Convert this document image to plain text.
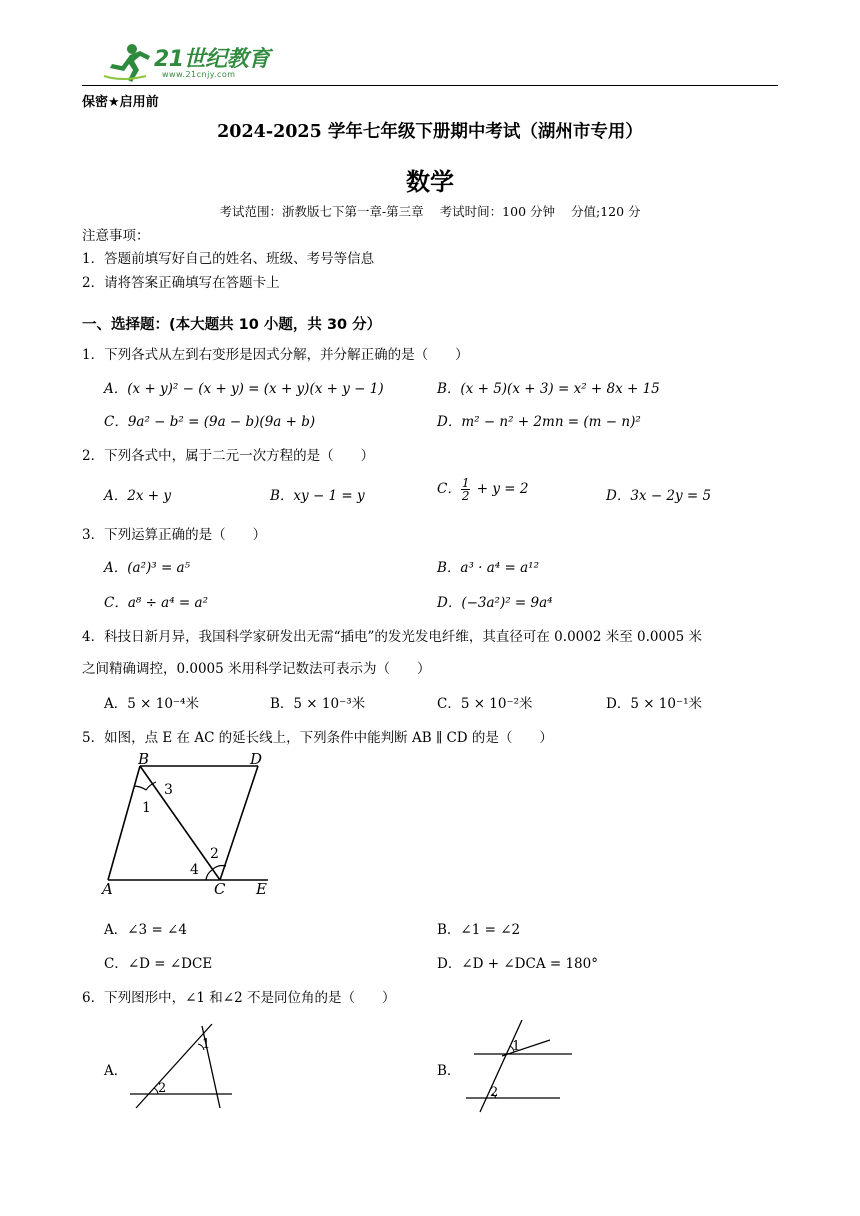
21世纪教育
www.21cnjy.com
保密★启用前
2024-2025 学年七年级下册期中考试（湖州市专用）
数学
考试范围：浙教版七下第一章-第三章 考试时间：100 分钟 分值;120 分
注意事项：
1．答题前填写好自己的姓名、班级、考号等信息
2．请将答案正确填写在答题卡上
一、选择题：(本大题共 10 小题，共 30 分）
1．下列各式从左到右变形是因式分解，并分解正确的是（　　）
A．(x + y)² − (x + y) = (x + y)(x + y − 1)	B．(x + 5)(x + 3) = x² + 8x + 15
C．9a² − b² = (9a − b)(9a + b)	D．m² − n² + 2mn = (m − n)²
2．下列各式中，属于二元一次方程的是（　　）
A．2x + y	B．xy − 1 = y	C． $\frac{1}{2} + y = 2$	D．3x − 2y = 5
3．下列运算正确的是（　　）
A．(a²)³ = a⁵	B．a³ · a⁴ = a¹²
C．a⁸ ÷ a⁴ = a²	D．(−3a²)² = 9a⁴
4．科技日新月异，我国科学家研发出无需“插电”的发光发电纤维，其直径可在 0.0002 米至 0.0005 米
之间精确调控，0.0005 米用科学记数法可表示为（　　）
A．5 × 10⁻⁴米	B．5 × 10⁻³米	C．5 × 10⁻²米	D．5 × 10⁻¹米
5．如图，点 E 在 AC 的延长线上，下列条件中能判断 AB ∥ CD 的是（　　）
B	D
A	C E
1
3
2
4
A．∠3 = ∠4	B．∠1 = ∠2
C．∠D = ∠DCE	D．∠D + ∠DCA = 180°
6．下列图形中，∠1 和∠2 不是同位角的是（　　）
A．
1
2
B．
1
2
